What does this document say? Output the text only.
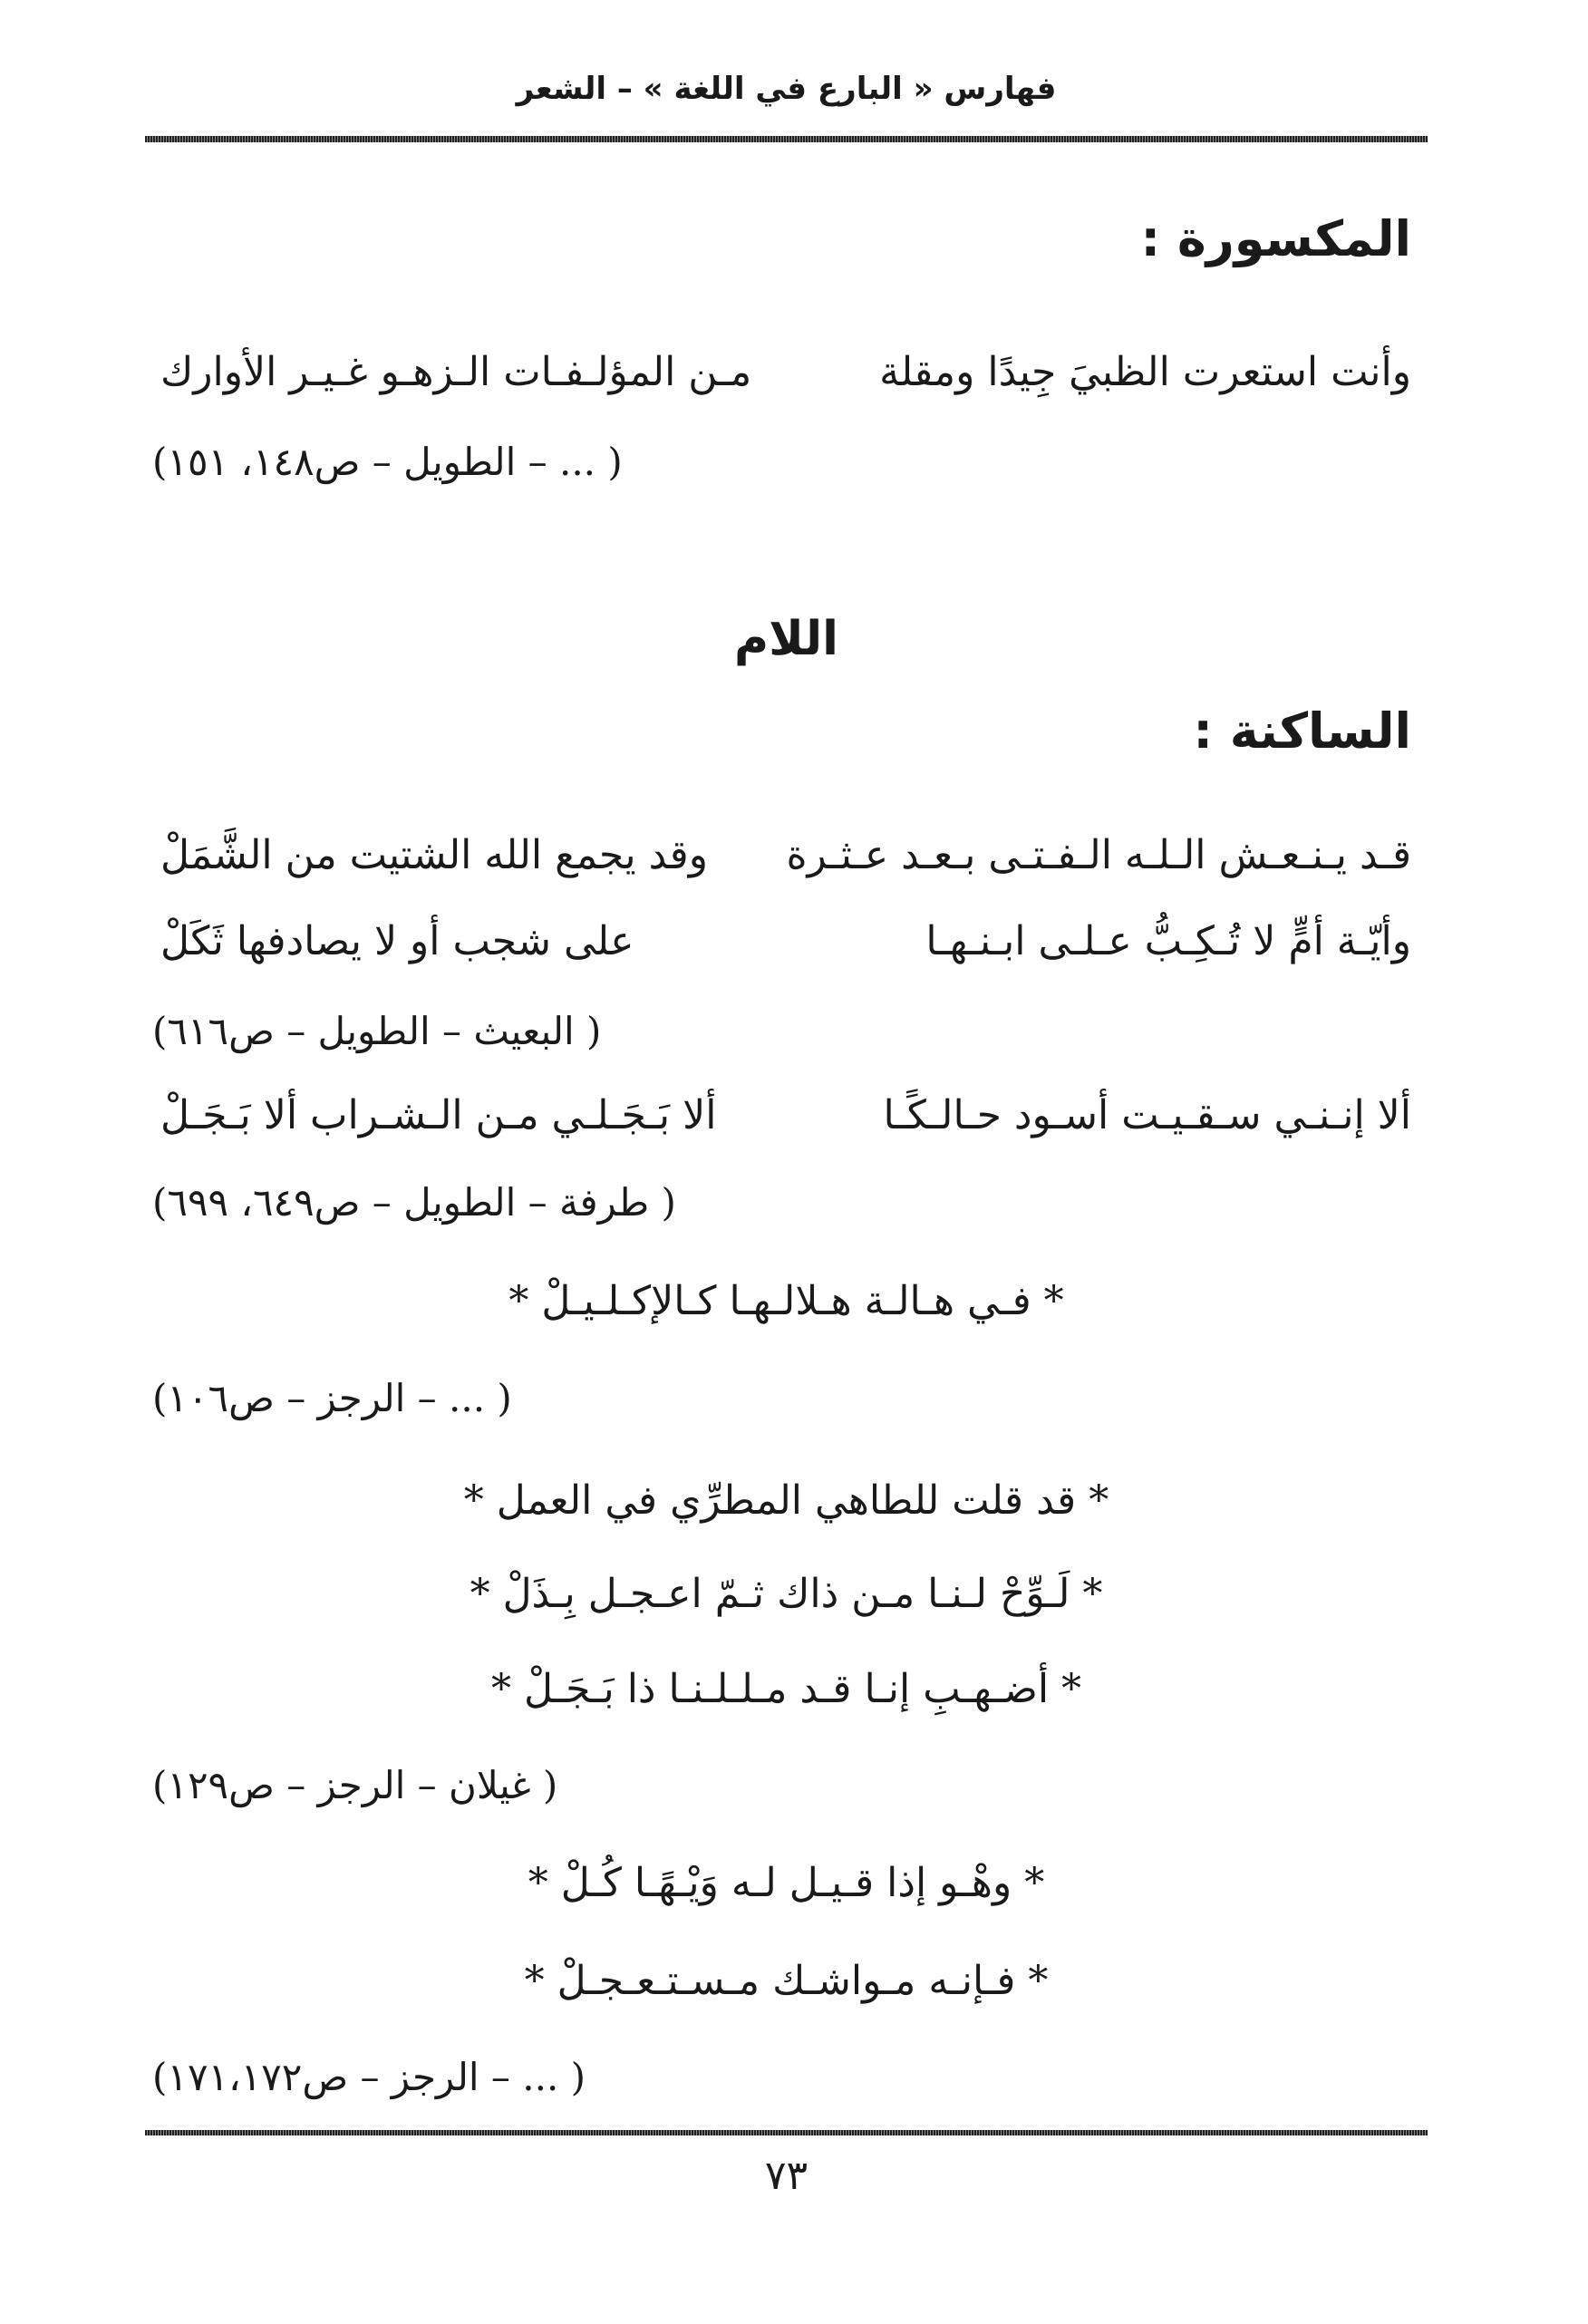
فهارس « البارع في اللغة » – الشعر
المكسورة :
وأنت استعرت الظبيَ جِيدًا ومقلة
مـن المؤلـفـات الـزهـو غـيـر الأوارك
( ... – الطويل – ص١٤٨، ١٥١)
اللام
الساكنة :
قـد يـنـعـش الـلـه الـفـتـى بـعـد عـثـرة
وقد يجمع الله الشتيت من الشَّمَلْ
وأيّـة أمٍّ لا تُـكِـبُّ عـلـى ابـنـهـا
على شجب أو لا يصادفها ثَكَلْ
( البعيث – الطويل – ص٦١٦)
ألا إنـنـي سـقـيـت أسـود حـالـكًـا
ألا بَـجَـلـي مـن الـشـراب ألا بَـجَـلْ
( طرفة – الطويل – ص٦٤٩، ٦٩٩)
* فـي هـالـة هـلالـهـا كـالإكـلـيـلْ *
( ... – الرجز – ص١٠٦)
* قد قلت للطاهي المطرِّي في العمل *
* لَـوِّحْ لـنـا مـن ذاك ثـمّ اعـجـل بِـذَلْ *
* أضـهـبِ إنـا قـد مـلـلـنـا ذا بَـجَـلْ *
( غيلان – الرجز – ص١٢٩)
* وهْـو إذا قـيـل لـه وَيْـهًـا كُـلْ *
* فـإنـه مـواشـك مـسـتـعـجـلْ *
( ... – الرجز – ص١٧١،١٧٢)
٧٣
